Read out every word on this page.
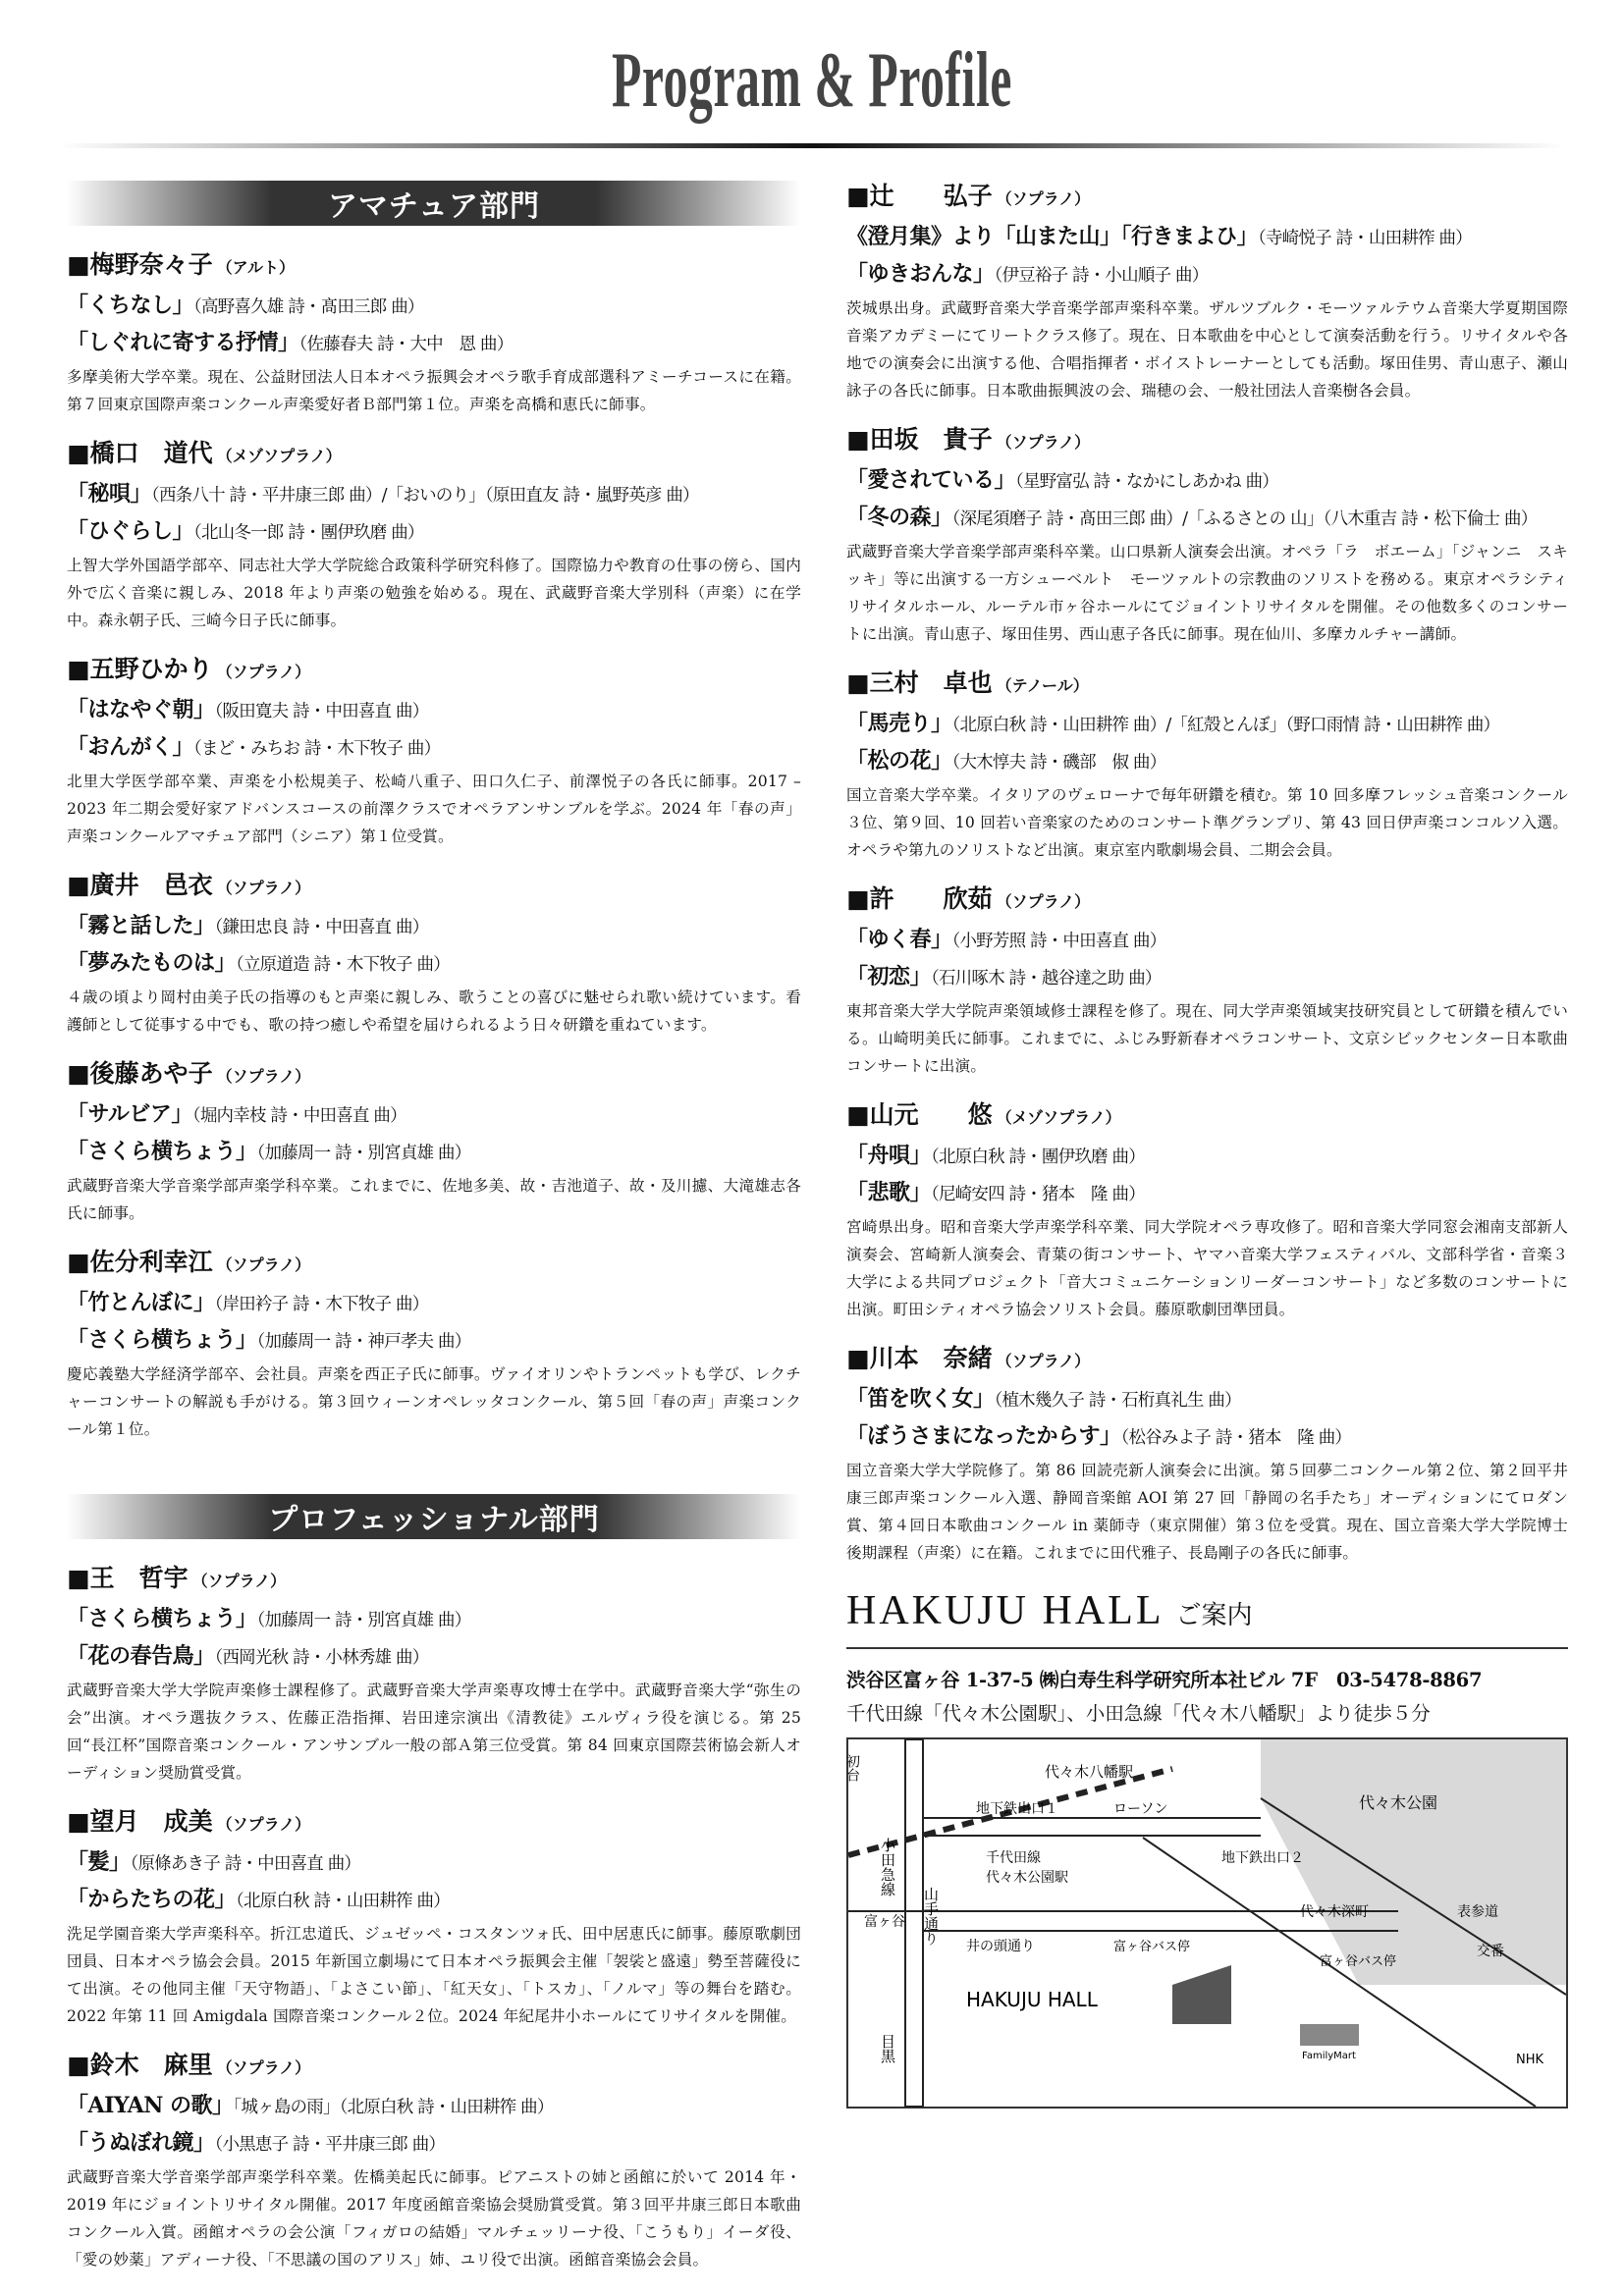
Program & Profile
アマチュア部門
■梅野奈々子 （アルト）
「くちなし」（高野喜久雄 詩・髙田三郎 曲）
「しぐれに寄する抒情」（佐藤春夫 詩・大中　恩 曲）
多摩美術大学卒業。現在、公益財団法人日本オペラ振興会オペラ歌手育成部選科アミーチコースに在籍。第７回東京国際声楽コンクール声楽愛好者Ｂ部門第１位。声楽を高橋和恵氏に師事。
■橋口　道代 （メゾソプラノ）
「秘唄」（西条八十 詩・平井康三郎 曲）/「おいのり」（原田直友 詩・嵐野英彦 曲）
「ひぐらし」（北山冬一郎 詩・團伊玖磨 曲）
上智大学外国語学部卒、同志社大学大学院総合政策科学研究科修了。国際協力や教育の仕事の傍ら、国内外で広く音楽に親しみ、2018 年より声楽の勉強を始める。現在、武蔵野音楽大学別科（声楽）に在学中。森永朝子氏、三崎今日子氏に師事。
■五野ひかり （ソプラノ）
「はなやぐ朝」（阪田寛夫 詩・中田喜直 曲）
「おんがく」（まど・みちお 詩・木下牧子 曲）
北里大学医学部卒業、声楽を小松規美子、松崎八重子、田口久仁子、前澤悦子の各氏に師事。2017 – 2023 年二期会愛好家アドバンスコースの前澤クラスでオペラアンサンブルを学ぶ。2024 年「春の声」声楽コンクールアマチュア部門（シニア）第１位受賞。
■廣井　邑衣 （ソプラノ）
「霧と話した」（鎌田忠良 詩・中田喜直 曲）
「夢みたものは」（立原道造 詩・木下牧子 曲）
４歳の頃より岡村由美子氏の指導のもと声楽に親しみ、歌うことの喜びに魅せられ歌い続けています。看護師として従事する中でも、歌の持つ癒しや希望を届けられるよう日々研鑽を重ねています。
■後藤あや子 （ソプラノ）
「サルビア」（堀内幸枝 詩・中田喜直 曲）
「さくら横ちょう」（加藤周一 詩・別宮貞雄 曲）
武蔵野音楽大学音楽学部声楽学科卒業。これまでに、佐地多美、故・吉池道子、故・及川攄、大滝雄志各氏に師事。
■佐分利幸江 （ソプラノ）
「竹とんぼに」（岸田衿子 詩・木下牧子 曲）
「さくら横ちょう」（加藤周一 詩・神戸孝夫 曲）
慶応義塾大学経済学部卒、会社員。声楽を西正子氏に師事。ヴァイオリンやトランペットも学び、レクチャーコンサートの解説も手がける。第３回ウィーンオペレッタコンクール、第５回「春の声」声楽コンクール第１位。
プロフェッショナル部門
■王　哲宇 （ソプラノ）
「さくら横ちょう」（加藤周一 詩・別宮貞雄 曲）
「花の春告鳥」（西岡光秋 詩・小林秀雄 曲）
武蔵野音楽大学大学院声楽修士課程修了。武蔵野音楽大学声楽専攻博士在学中。武蔵野音楽大学“弥生の会”出演。オペラ選抜クラス、佐藤正浩指揮、岩田達宗演出《清教徒》エルヴィラ役を演じる。第 25 回“長江杯”国際音楽コンクール・アンサンブル一般の部Ａ第三位受賞。第 84 回東京国際芸術協会新人オーディション奨励賞受賞。
■望月　成美 （ソプラノ）
「髪」（原條あき子 詩・中田喜直 曲）
「からたちの花」（北原白秋 詩・山田耕筰 曲）
洗足学園音楽大学声楽科卒。折江忠道氏、ジュゼッペ・コスタンツォ氏、田中居恵氏に師事。藤原歌劇団団員、日本オペラ協会会員。2015 年新国立劇場にて日本オペラ振興会主催「袈裟と盛遠」勢至菩薩役にて出演。その他同主催「天守物語」、「よさこい節」、「紅天女」、「トスカ」、「ノルマ」等の舞台を踏む。2022 年第 11 回 Amigdala 国際音楽コンクール２位。2024 年紀尾井小ホールにてリサイタルを開催。
■鈴木　麻里 （ソプラノ）
「AIYAN の歌」「城ヶ島の雨」（北原白秋 詩・山田耕筰 曲）
「うぬぼれ鏡」（小黒恵子 詩・平井康三郎 曲）
武蔵野音楽大学音楽学部声楽学科卒業。佐橋美起氏に師事。ピアニストの姉と函館に於いて 2014 年・2019 年にジョイントリサイタル開催。2017 年度函館音楽協会奨励賞受賞。第３回平井康三郎日本歌曲コンクール入賞。函館オペラの会公演「フィガロの結婚」マルチェッリーナ役、「こうもり」イーダ役、「愛の妙薬」アディーナ役、「不思議の国のアリス」姉、ユリ役で出演。函館音楽協会会員。
■辻　　弘子 （ソプラノ）
《澄月集》より「山また山」「行きまよひ」（寺崎悦子 詩・山田耕筰 曲）
「ゆきおんな」（伊豆裕子 詩・小山順子 曲）
茨城県出身。武蔵野音楽大学音楽学部声楽科卒業。ザルツブルク・モーツァルテウム音楽大学夏期国際音楽アカデミーにてリートクラス修了。現在、日本歌曲を中心として演奏活動を行う。リサイタルや各地での演奏会に出演する他、合唱指揮者・ボイストレーナーとしても活動。塚田佳男、青山恵子、瀬山詠子の各氏に師事。日本歌曲振興波の会、瑞穂の会、一般社団法人音楽樹各会員。
■田坂　貴子 （ソプラノ）
「愛されている」（星野富弘 詩・なかにしあかね 曲）
「冬の森」（深尾須磨子 詩・髙田三郎 曲）/「ふるさとの 山」（八木重吉 詩・松下倫士 曲）
武蔵野音楽大学音楽学部声楽科卒業。山口県新人演奏会出演。オペラ「ラ　ボエーム」「ジャンニ　スキッキ」等に出演する一方シューベルト　モーツァルトの宗教曲のソリストを務める。東京オペラシティリサイタルホール、ルーテル市ヶ谷ホールにてジョイントリサイタルを開催。その他数多くのコンサートに出演。青山恵子、塚田佳男、西山恵子各氏に師事。現在仙川、多摩カルチャー講師。
■三村　卓也 （テノール）
「馬売り」（北原白秋 詩・山田耕筰 曲）/「紅殻とんぼ」（野口雨情 詩・山田耕筰 曲）
「松の花」（大木惇夫 詩・磯部　俶 曲）
国立音楽大学卒業。イタリアのヴェローナで毎年研鑽を積む。第 10 回多摩フレッシュ音楽コンクール３位、第９回、10 回若い音楽家のためのコンサート準グランプリ、第 43 回日伊声楽コンコルソ入選。オペラや第九のソリストなど出演。東京室内歌劇場会員、二期会会員。
■許　　欣茹 （ソプラノ）
「ゆく春」（小野芳照 詩・中田喜直 曲）
「初恋」（石川啄木 詩・越谷達之助 曲）
東邦音楽大学大学院声楽領域修士課程を修了。現在、同大学声楽領域実技研究員として研鑽を積んでいる。山崎明美氏に師事。これまでに、ふじみ野新春オペラコンサート、文京シビックセンター日本歌曲コンサートに出演。
■山元　　悠 （メゾソプラノ）
「舟唄」（北原白秋 詩・團伊玖磨 曲）
「悲歌」（尼崎安四 詩・猪本　隆 曲）
宮崎県出身。昭和音楽大学声楽学科卒業、同大学院オペラ専攻修了。昭和音楽大学同窓会湘南支部新人演奏会、宮崎新人演奏会、青葉の街コンサート、ヤマハ音楽大学フェスティバル、文部科学省・音楽３大学による共同プロジェクト「音大コミュニケーションリーダーコンサート」など多数のコンサートに出演。町田シティオペラ協会ソリスト会員。藤原歌劇団準団員。
■川本　奈緒 （ソプラノ）
「笛を吹く女」（植木幾久子 詩・石桁真礼生 曲）
「ぼうさまになったからす」（松谷みよ子 詩・猪本　隆 曲）
国立音楽大学大学院修了。第 86 回読売新人演奏会に出演。第５回夢二コンクール第２位、第２回平井康三郎声楽コンクール入選、静岡音楽館 AOI 第 27 回「静岡の名手たち」オーディションにてロダン賞、第４回日本歌曲コンクール in 薬師寺（東京開催）第３位を受賞。現在、国立音楽大学大学院博士後期課程（声楽）に在籍。これまでに田代雅子、長島剛子の各氏に師事。
HAKUJU HALL ご案内
渋谷区富ヶ谷 1-37-5 ㈱白寿生科学研究所本社ビル 7F　03-5478-8867
千代田線「代々木公園駅」、小田急線「代々木八幡駅」より徒歩５分
初台
山手通り
小田急線
目黒
代々木八幡駅
地下鉄出口１	ローソン	代々木公園
地下鉄出口２
千代田線
代々木公園駅
代々木深町	表参道
交番
富ヶ谷
井の頭通り	富ヶ谷バス停
富ヶ谷バス停
HAKUJU HALL
FamilyMart	NHK
